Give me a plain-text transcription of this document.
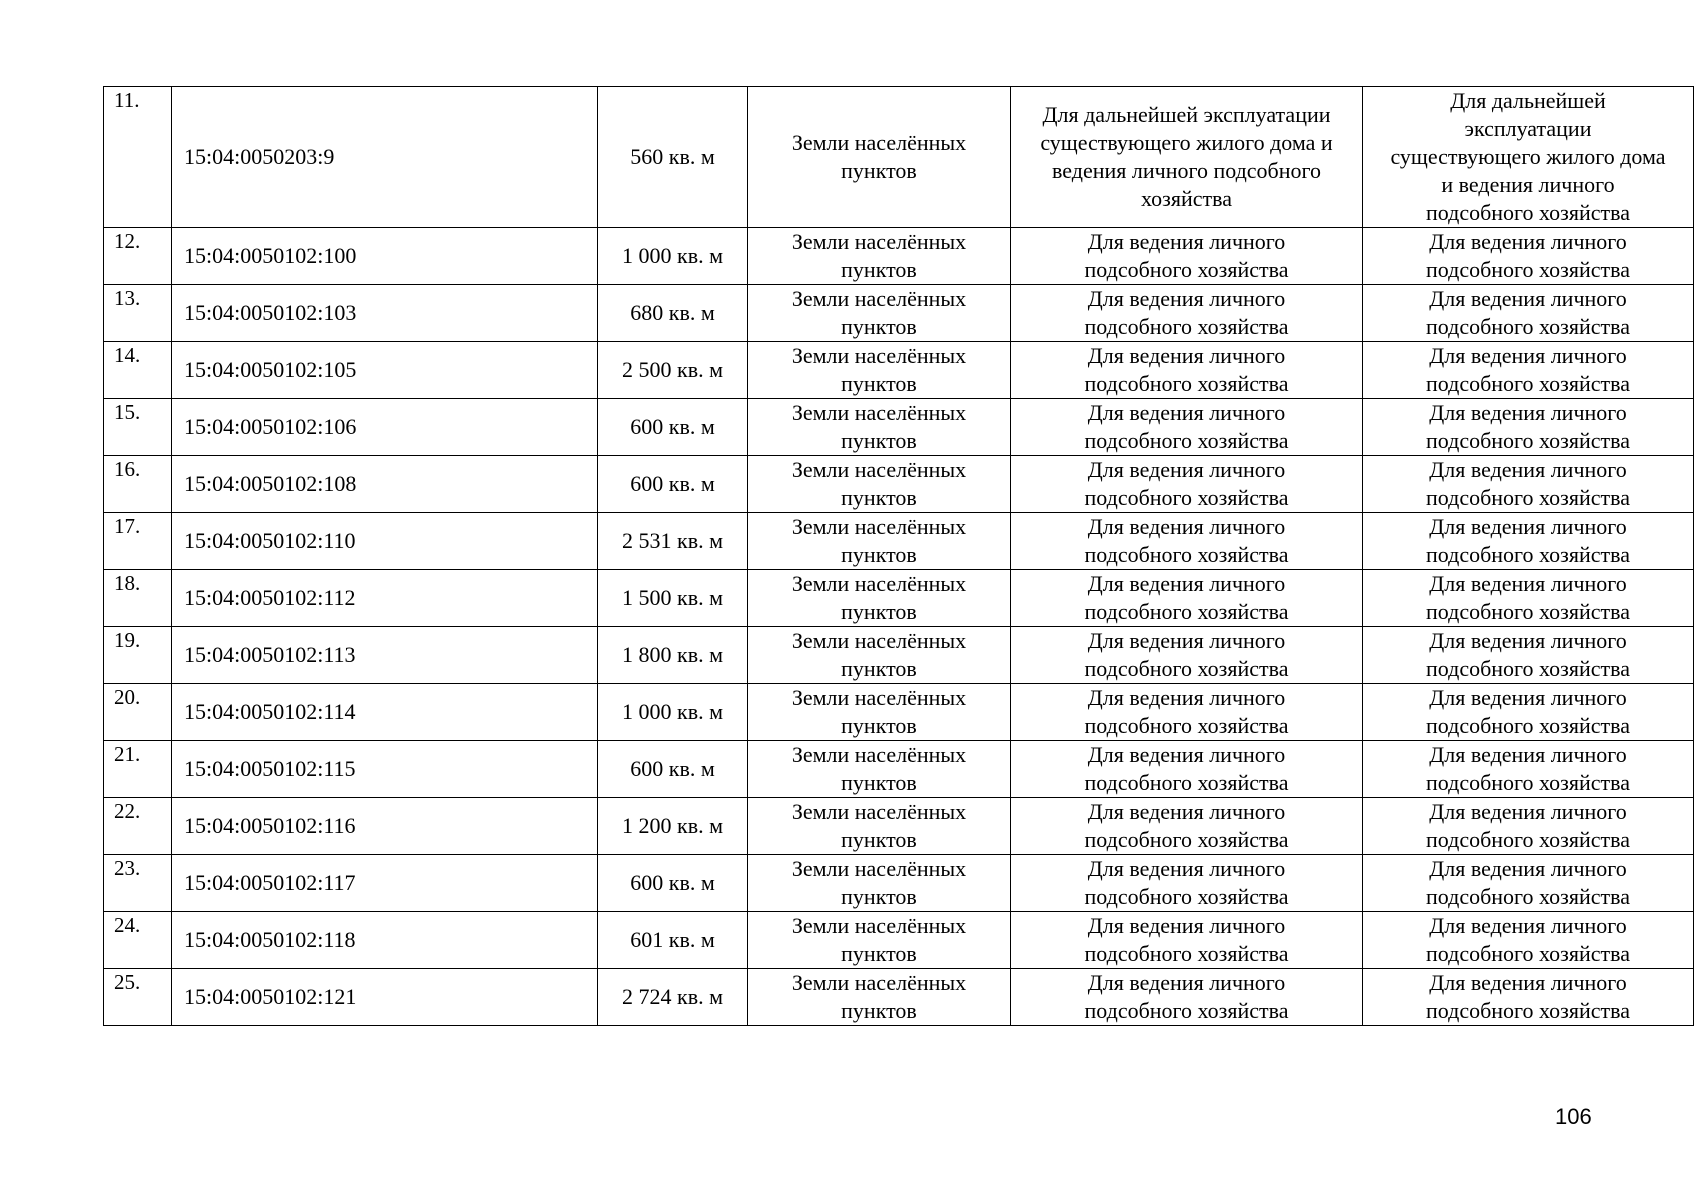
11.	15:04:0050203:9	560 кв. м	Земли населённых
пунктов	Для дальнейшей эксплуатации
существующего жилого дома и
ведения личного подсобного
хозяйства	Для дальнейшей
эксплуатации
существующего жилого дома
и ведения личного
подсобного хозяйства
12.	15:04:0050102:100	1 000 кв. м	Земли населённых
пунктов	Для ведения личного
подсобного хозяйства	Для ведения личного
подсобного хозяйства
13.	15:04:0050102:103	680 кв. м	Земли населённых
пунктов	Для ведения личного
подсобного хозяйства	Для ведения личного
подсобного хозяйства
14.	15:04:0050102:105	2 500 кв. м	Земли населённых
пунктов	Для ведения личного
подсобного хозяйства	Для ведения личного
подсобного хозяйства
15.	15:04:0050102:106	600 кв. м	Земли населённых
пунктов	Для ведения личного
подсобного хозяйства	Для ведения личного
подсобного хозяйства
16.	15:04:0050102:108	600 кв. м	Земли населённых
пунктов	Для ведения личного
подсобного хозяйства	Для ведения личного
подсобного хозяйства
17.	15:04:0050102:110	2 531 кв. м	Земли населённых
пунктов	Для ведения личного
подсобного хозяйства	Для ведения личного
подсобного хозяйства
18.	15:04:0050102:112	1 500 кв. м	Земли населённых
пунктов	Для ведения личного
подсобного хозяйства	Для ведения личного
подсобного хозяйства
19.	15:04:0050102:113	1 800 кв. м	Земли населённых
пунктов	Для ведения личного
подсобного хозяйства	Для ведения личного
подсобного хозяйства
20.	15:04:0050102:114	1 000 кв. м	Земли населённых
пунктов	Для ведения личного
подсобного хозяйства	Для ведения личного
подсобного хозяйства
21.	15:04:0050102:115	600 кв. м	Земли населённых
пунктов	Для ведения личного
подсобного хозяйства	Для ведения личного
подсобного хозяйства
22.	15:04:0050102:116	1 200 кв. м	Земли населённых
пунктов	Для ведения личного
подсобного хозяйства	Для ведения личного
подсобного хозяйства
23.	15:04:0050102:117	600 кв. м	Земли населённых
пунктов	Для ведения личного
подсобного хозяйства	Для ведения личного
подсобного хозяйства
24.	15:04:0050102:118	601 кв. м	Земли населённых
пунктов	Для ведения личного
подсобного хозяйства	Для ведения личного
подсобного хозяйства
25.	15:04:0050102:121	2 724 кв. м	Земли населённых
пунктов	Для ведения личного
подсобного хозяйства	Для ведения личного
подсобного хозяйства
106
